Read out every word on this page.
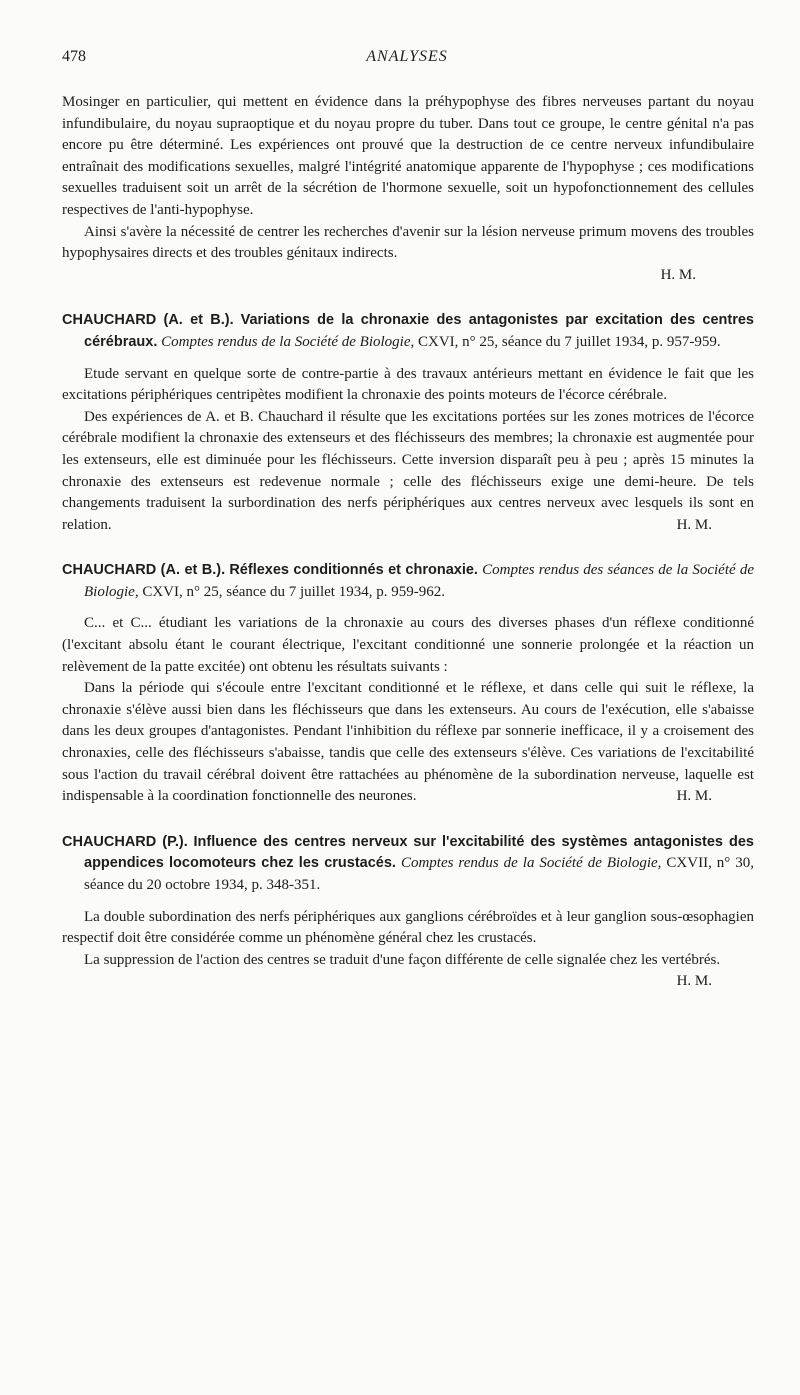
478	ANALYSES

Mosinger en particulier, qui mettent en évidence dans la préhypophyse des fibres nerveuses partant du noyau infundibulaire, du noyau supraoptique et du noyau propre du tuber. Dans tout ce groupe, le centre génital n'a pas encore pu être déterminé. Les expériences ont prouvé que la destruction de ce centre nerveux infundibulaire entraînait des modifications sexuelles, malgré l'intégrité anatomique apparente de l'hypophyse ; ces modifications sexuelles traduisent soit un arrêt de la sécrétion de l'hormone sexuelle, soit un hypofonctionnement des cellules respectives de l'anti-hypophyse.

Ainsi s'avère la nécessité de centrer les recherches d'avenir sur la lésion nerveuse primum movens des troubles hypophysaires directs et des troubles génitaux indirects.

H. M.

CHAUCHARD (A. et B.). Variations de la chronaxie des antagonistes par excitation des centres cérébraux. Comptes rendus de la Société de Biologie, CXVI, n° 25, séance du 7 juillet 1934, p. 957-959.

Etude servant en quelque sorte de contre-partie à des travaux antérieurs mettant en évidence le fait que les excitations périphériques centripètes modifient la chronaxie des points moteurs de l'écorce cérébrale.

Des expériences de A. et B. Chauchard il résulte que les excitations portées sur les zones motrices de l'écorce cérébrale modifient la chronaxie des extenseurs et des fléchisseurs des membres; la chronaxie est augmentée pour les extenseurs, elle est diminuée pour les fléchisseurs. Cette inversion disparaît peu à peu ; après 15 minutes la chronaxie des extenseurs est redevenue normale ; celle des fléchisseurs exige une demi-heure. De tels changements traduisent la surbordination des nerfs périphériques aux centres nerveux avec lesquels ils sont en relation.	H. M.

CHAUCHARD (A. et B.). Réflexes conditionnés et chronaxie. Comptes rendus des séances de la Société de Biologie, CXVI, n° 25, séance du 7 juillet 1934, p. 959-962.

C... et C... étudiant les variations de la chronaxie au cours des diverses phases d'un réflexe conditionné (l'excitant absolu étant le courant électrique, l'excitant conditionné une sonnerie prolongée et la réaction un relèvement de la patte excitée) ont obtenu les résultats suivants :

Dans la période qui s'écoule entre l'excitant conditionné et le réflexe, et dans celle qui suit le réflexe, la chronaxie s'élève aussi bien dans les fléchisseurs que dans les extenseurs. Au cours de l'exécution, elle s'abaisse dans les deux groupes d'antagonistes. Pendant l'inhibition du réflexe par sonnerie inefficace, il y a croisement des chronaxies, celle des fléchisseurs s'abaisse, tandis que celle des extenseurs s'élève. Ces variations de l'excitabilité sous l'action du travail cérébral doivent être rattachées au phénomène de la subordination nerveuse, laquelle est indispensable à la coordination fonctionnelle des neurones.	H. M.

CHAUCHARD (P.). Influence des centres nerveux sur l'excitabilité des systèmes antagonistes des appendices locomoteurs chez les crustacés. Comptes rendus de la Société de Biologie, CXVII, n° 30, séance du 20 octobre 1934, p. 348-351.

La double subordination des nerfs périphériques aux ganglions cérébroïdes et à leur ganglion sous-œsophagien respectif doit être considérée comme un phénomène général chez les crustacés.

La suppression de l'action des centres se traduit d'une façon différente de celle signalée chez les vertébrés.
H. M.
